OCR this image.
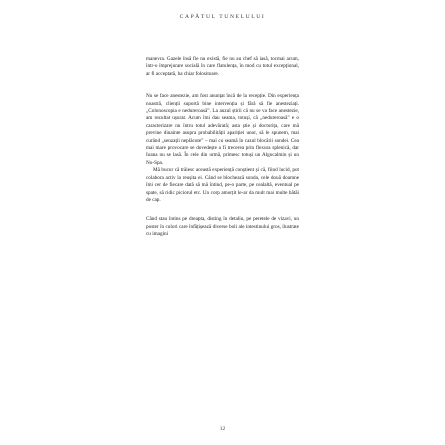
CAPĂTUL TUNELULUI

manevra. Gazele însă fie nu există, fie nu au chef să iasă, tocmai acum, într-o împrejurare socială în care flatulența, în mod cu totul excepțional, ar fi acceptată, ba chiar folositoare.

Nu se face anestezie, am fost anunțat încă de la recepție. Din experiența noastră, clienții suportă bine intervenția și fără să fie anesteziați. „Colonoscopia e nedureroasă”. La auzul știrii că nu se va face anestezie, am rezultat ușurat. Acum îmi dau seama, totuși, că „nedureroasă” e o caracterizare nu întru totul adevărată; asta știe și doctorița, care mă previne dinainte asupra probabilității apariției unor, să le spunem, mai curând „senzații neplăcute” – mai cu seamă în cazul blocării sondei. Cea mai mare provocare se dovedește a fi trecerea prin flexura splenică, dar Ioana nu se lasă. În cele din urmă, primesc totuși un Algocalmin și un No-Spa.

Mă bucur că trăiesc această experiență conștient și că, fiind lucid, pot colabora activ la reușita ei. Când se blochează sonda, cele două doamne îmi cer de fiecare dată să mă întind, pe-o parte, pe cealaltă, eventual pe spate, să ridic piciorul etc. Un corp amorțit le-ar da mult mai multe bătăi de cap.

Când stau întins pe dreapta, disting în detaliu, pe peretele de vizavi, un poster în culori care înfățișează diverse boli ale intestinului gros, ilustrate cu imagini

12
